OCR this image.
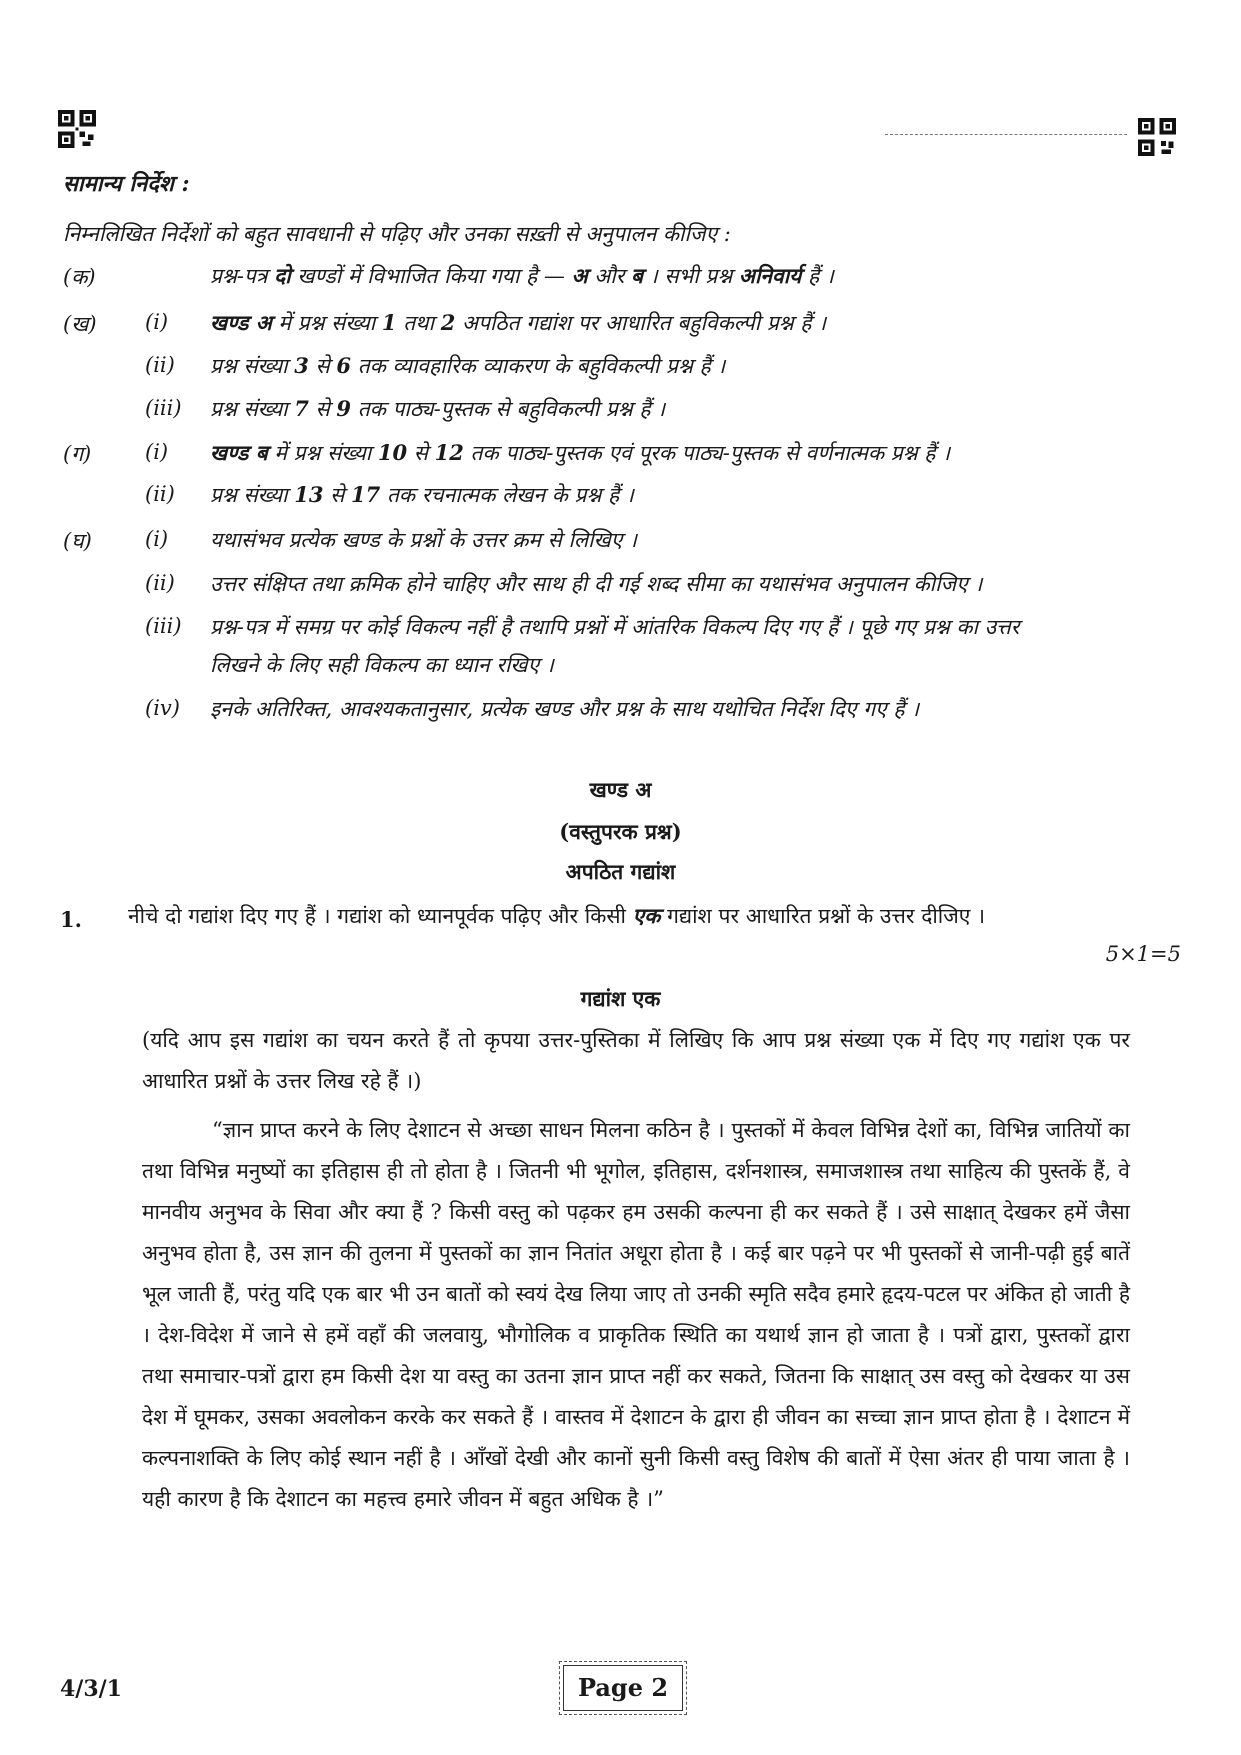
सामान्य निर्देश :
निम्नलिखित निर्देशों को बहुत सावधानी से पढ़िए और उनका सख़्ती से अनुपालन कीजिए :
(क)	प्रश्न-पत्र दो खण्डों में विभाजित किया गया है — अ और ब । सभी प्रश्न अनिवार्य हैं ।
(ख) (i) खण्ड अ में प्रश्न संख्या 1 तथा 2 अपठित गद्यांश पर आधारित बहुविकल्पी प्रश्न हैं ।
(ii) प्रश्न संख्या 3 से 6 तक व्यावहारिक व्याकरण के बहुविकल्पी प्रश्न हैं ।
(iii) प्रश्न संख्या 7 से 9 तक पाठ्य-पुस्तक से बहुविकल्पी प्रश्न हैं ।
(ग)	(i) खण्ड ब में प्रश्न संख्या 10 से 12 तक पाठ्य-पुस्तक एवं पूरक पाठ्य-पुस्तक से वर्णनात्मक प्रश्न हैं ।
(ii) प्रश्न संख्या 13 से 17 तक रचनात्मक लेखन के प्रश्न हैं ।
(घ)	(i) यथासंभव प्रत्येक खण्ड के प्रश्नों के उत्तर क्रम से लिखिए ।
(ii) उत्तर संक्षिप्त तथा क्रमिक होने चाहिए और साथ ही दी गई शब्द सीमा का यथासंभव अनुपालन कीजिए ।
(iii) प्रश्न-पत्र में समग्र पर कोई विकल्प नहीं है तथापि प्रश्नों में आंतरिक विकल्प दिए गए हैं । पूछे गए प्रश्न का उत्तर
लिखने के लिए सही विकल्प का ध्यान रखिए ।
(iv) इनके अतिरिक्त, आवश्यकतानुसार, प्रत्येक खण्ड और प्रश्न के साथ यथोचित निर्देश दिए गए हैं ।
खण्ड अ
(वस्तुपरक प्रश्न)
अपठित गद्यांश
1. नीचे दो गद्यांश दिए गए हैं । गद्यांश को ध्यानपूर्वक पढ़िए और किसी एक गद्यांश पर आधारित प्रश्नों के उत्तर दीजिए ।
5×1=5
गद्यांश एक
(यदि आप इस गद्यांश का चयन करते हैं तो कृपया उत्तर-पुस्तिका में लिखिए कि आप प्रश्न संख्या एक में दिए गए गद्यांश एक पर आधारित प्रश्नों के उत्तर लिख रहे हैं ।)
“ज्ञान प्राप्त करने के लिए देशाटन से अच्छा साधन मिलना कठिन है । पुस्तकों में केवल विभिन्न देशों का, विभिन्न जातियों का तथा विभिन्न मनुष्यों का इतिहास ही तो होता है । जितनी भी भूगोल, इतिहास, दर्शनशास्त्र, समाजशास्त्र तथा साहित्य की पुस्तकें हैं, वे मानवीय अनुभव के सिवा और क्या हैं ? किसी वस्तु को पढ़कर हम उसकी कल्पना ही कर सकते हैं । उसे साक्षात् देखकर हमें जैसा अनुभव होता है, उस ज्ञान की तुलना में पुस्तकों का ज्ञान नितांत अधूरा होता है । कई बार पढ़ने पर भी पुस्तकों से जानी-पढ़ी हुई बातें भूल जाती हैं, परंतु यदि एक बार भी उन बातों को स्वयं देख लिया जाए तो उनकी स्मृति सदैव हमारे हृदय-पटल पर अंकित हो जाती है । देश-विदेश में जाने से हमें वहाँ की जलवायु, भौगोलिक व प्राकृतिक स्थिति का यथार्थ ज्ञान हो जाता है । पत्रों द्वारा, पुस्तकों द्वारा तथा समाचार-पत्रों द्वारा हम किसी देश या वस्तु का उतना ज्ञान प्राप्त नहीं कर सकते, जितना कि साक्षात् उस वस्तु को देखकर या उस देश में घूमकर, उसका अवलोकन करके कर सकते हैं । वास्तव में देशाटन के द्वारा ही जीवन का सच्चा ज्ञान प्राप्त होता है । देशाटन में कल्पनाशक्ति के लिए कोई स्थान नहीं है । आँखों देखी और कानों सुनी किसी वस्तु विशेष की बातों में ऐसा अंतर ही पाया जाता है । यही कारण है कि देशाटन का महत्त्व हमारे जीवन में बहुत अधिक है ।”
4/3/1	Page 2
